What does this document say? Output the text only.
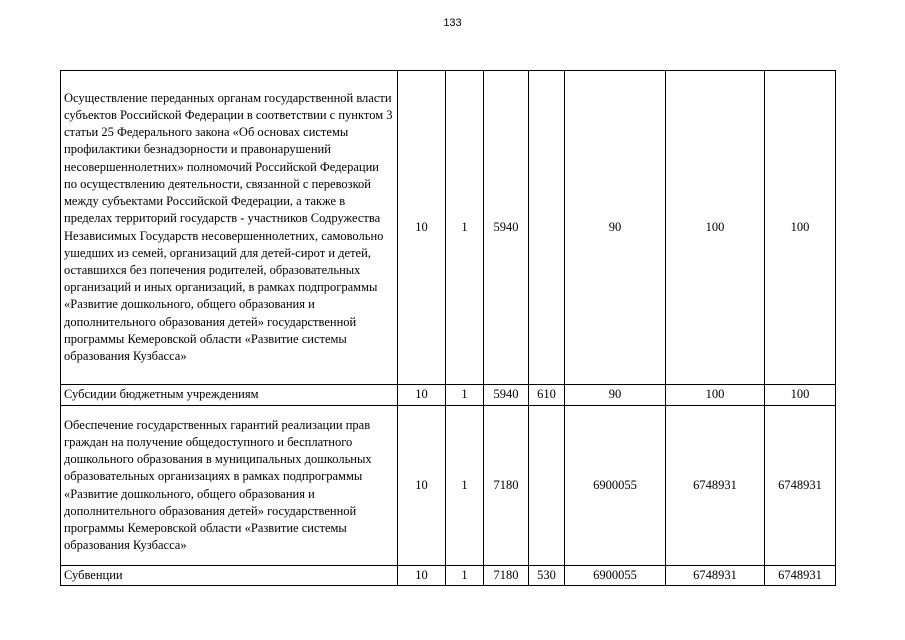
133
Осуществление переданных органам государственной власти субъектов Российской Федерации в соответствии с пунктом 3 статьи 25 Федерального закона «Об основах системы профилактики безнадзорности и правонарушений несовершеннолетних» полномочий Российской Федерации по осуществлению деятельности, связанной с перевозкой между субъектами Российской Федерации, а также в пределах территорий государств - участников Содружества Независимых Государств несовершеннолетних, самовольно ушедших из семей, организаций для детей-сирот и детей, оставшихся без попечения родителей, образовательных организаций и иных организаций, в рамках подпрограммы «Развитие дошкольного, общего образования и дополнительного образования детей» государственной программы Кемеровской области «Развитие системы образования Кузбасса»	10	1	5940		90	100	100
Субсидии бюджетным учреждениям	10	1	5940	610	90	100	100
Обеспечение государственных гарантий реализации прав граждан на получение общедоступного и бесплатного дошкольного образования в муниципальных дошкольных образовательных организациях в рамках подпрограммы «Развитие дошкольного, общего образования и дополнительного образования детей» государственной программы Кемеровской области «Развитие системы образования Кузбасса»	10	1	7180		6900055	6748931	6748931
Субвенции	10	1	7180	530	6900055	6748931	6748931
